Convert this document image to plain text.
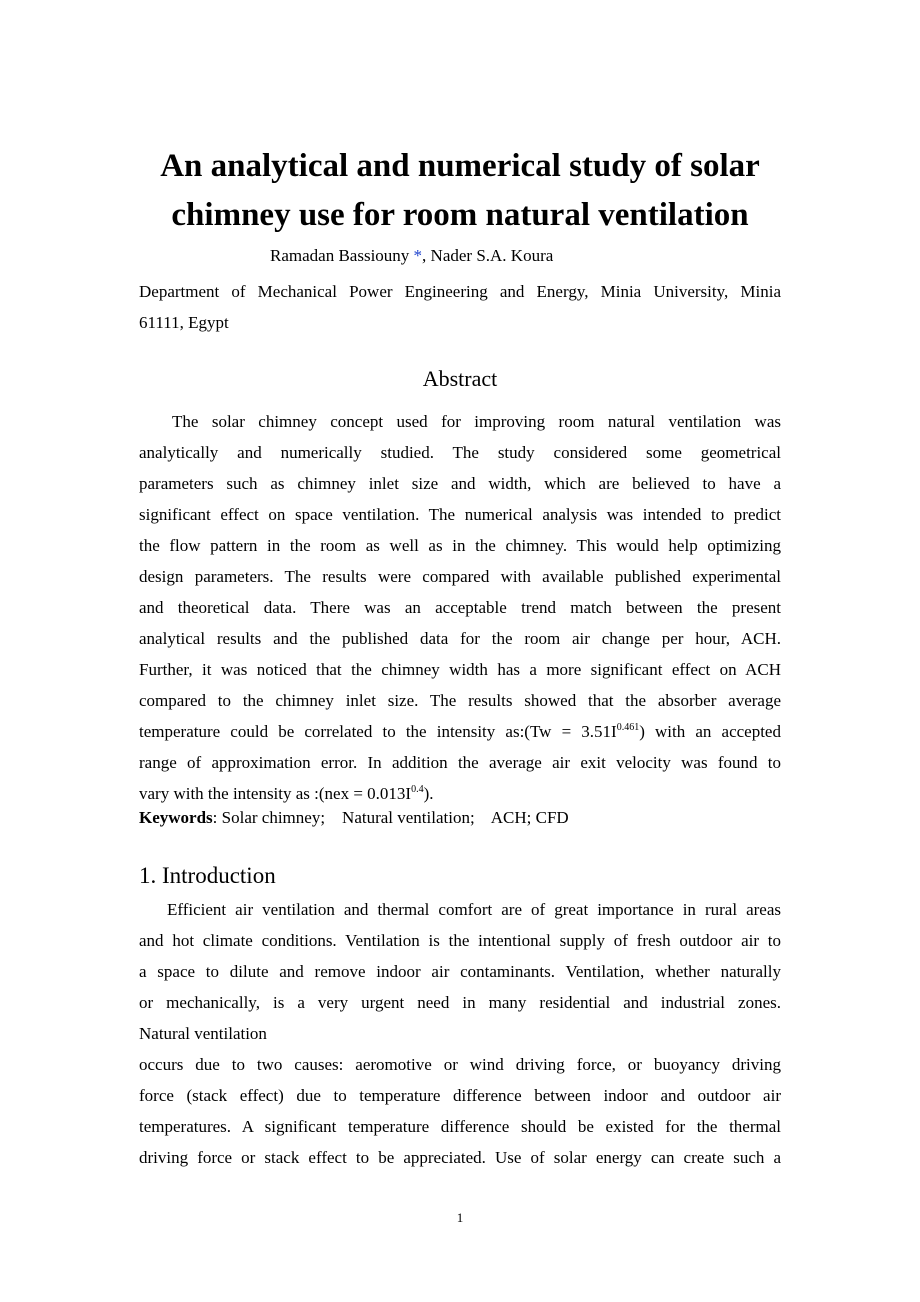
An analytical and numerical study of solar
chimney use for room natural ventilation
Ramadan Bassiouny *, Nader S.A. Koura
Department of Mechanical Power Engineering and Energy, Minia University, Minia
61111, Egypt
Abstract
The solar chimney concept used for improving room natural ventilation was
analytically and numerically studied. The study considered some geometrical
parameters such as chimney inlet size and width, which are believed to have a
significant effect on space ventilation. The numerical analysis was intended to predict
the flow pattern in the room as well as in the chimney. This would help optimizing
design parameters. The results were compared with available published experimental
and theoretical data. There was an acceptable trend match between the present
analytical results and the published data for the room air change per hour, ACH.
Further, it was noticed that the chimney width has a more significant effect on ACH
compared to the chimney inlet size. The results showed that the absorber average
temperature could be correlated to the intensity as:(Tw = $3.51I^{0.461}$) with an accepted
range of approximation error. In addition the average air exit velocity was found to
vary with the intensity as :(nex = $0.013I^{0.4}$).
Keywords: Solar chimney;    Natural ventilation;    ACH; CFD
1. Introduction
Efficient air ventilation and thermal comfort are of great importance in rural areas
and hot climate conditions. Ventilation is the intentional supply of fresh outdoor air to
a space to dilute and remove indoor air contaminants. Ventilation, whether naturally
or mechanically, is a very urgent need in many residential and industrial zones.
Natural ventilation
occurs due to two causes: aeromotive or wind driving force, or buoyancy driving
force (stack effect) due to temperature difference between indoor and outdoor air
temperatures. A significant temperature difference should be existed for the thermal
driving force or stack effect to be appreciated. Use of solar energy can create such a
1
